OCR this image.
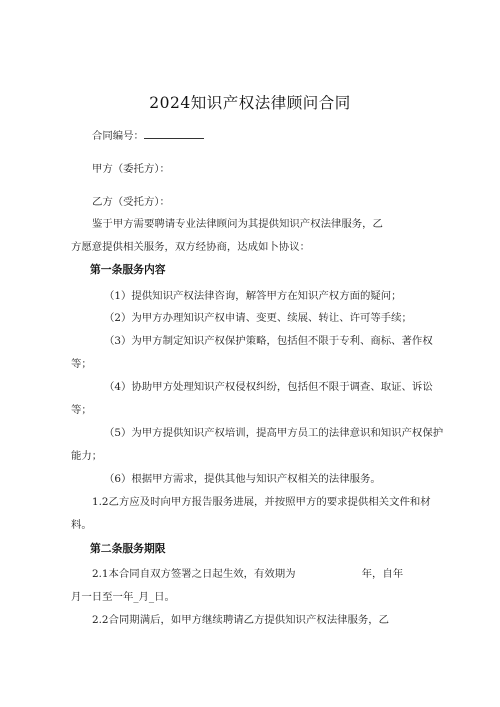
2024知识产权法律顾问合同
合同编号：
甲方（委托方）：
乙方（受托方）：
鉴于甲方需要聘请专业法律顾问为其提供知识产权法律服务，乙
方愿意提供相关服务，双方经协商，达成如卜协议：
第一条服务内容
（1）提供知识产权法律咨询，解答甲方在知识产权方面的疑问；
（2）为甲方办理知识产权申请、变更、续展、转让、许可等手续；
（3）为甲方制定知识产权保护策略，包括但不限于专利、商标、著作权
等；
（4）协助甲方处理知识产权侵权纠纷，包括但不限于调查、取证、诉讼
等；
（5）为甲方提供知识产权培训，提高甲方员工的法律意识和知识产权保护
能力；
（6）根据甲方需求，提供其他与知识产权相关的法律服务。
1.2乙方应及时向甲方报告服务进展，并按照甲方的要求提供相关文件和材
料。
第二条服务期限
2.1本合同自双方签署之日起生效，有效期为	年，自年
月一日至一年_月_日。
2.2合同期满后，如甲方继续聘请乙方提供知识产权法律服务，乙
